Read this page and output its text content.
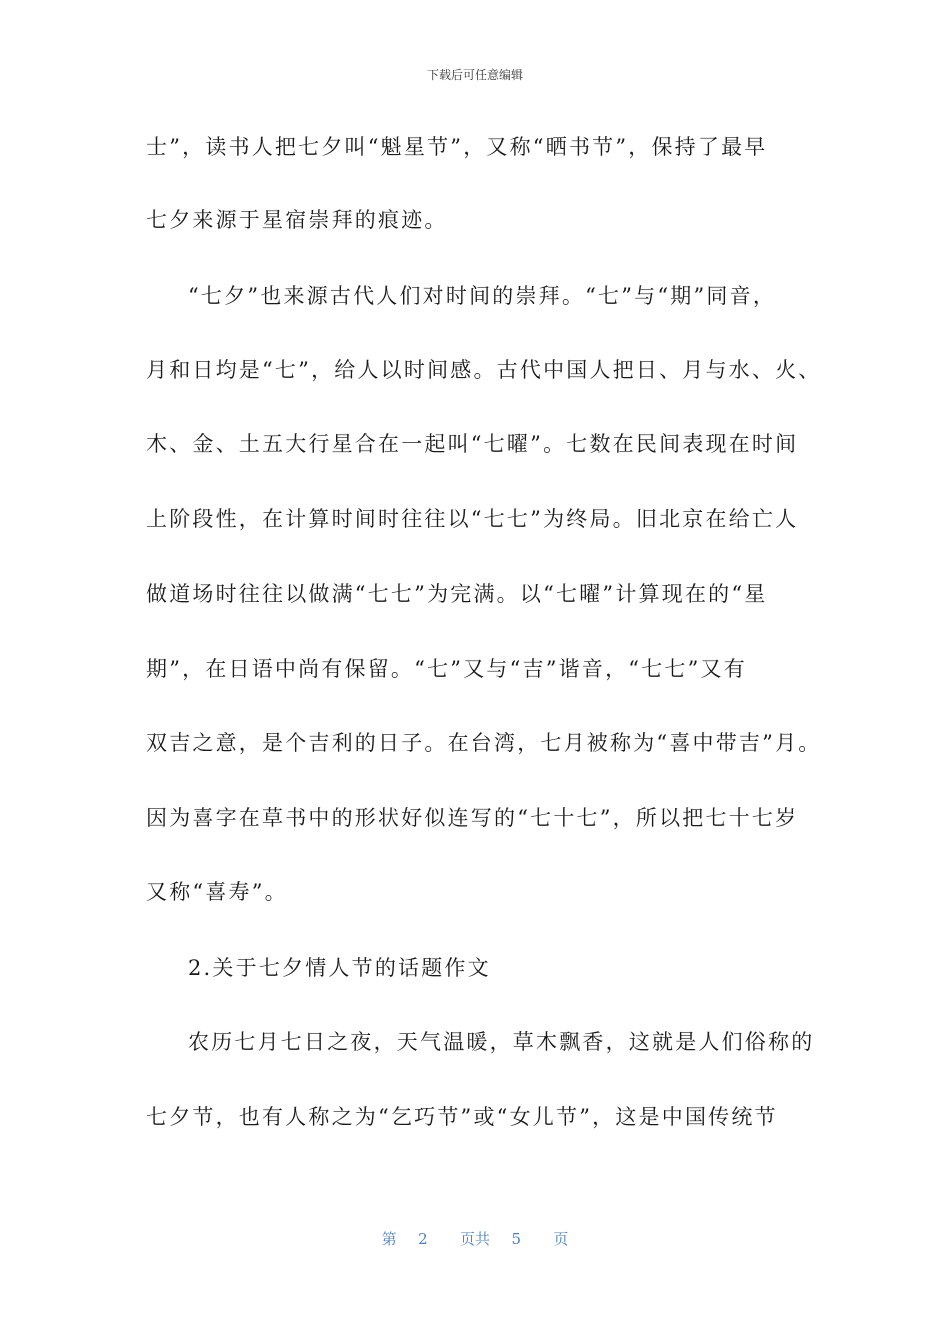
下载后可任意编辑
士”，读书人把七夕叫“魁星节”，又称“晒书节”，保持了最早
七夕来源于星宿崇拜的痕迹。
“七夕”也来源古代人们对时间的崇拜。“七”与“期”同音，
月和日均是“七”，给人以时间感。古代中国人把日、月与水、火、
木、金、土五大行星合在一起叫“七曜”。七数在民间表现在时间
上阶段性，在计算时间时往往以“七七”为终局。旧北京在给亡人
做道场时往往以做满“七七”为完满。以“七曜”计算现在的“星
期”，在日语中尚有保留。“七”又与“吉”谐音，“七七”又有
双吉之意，是个吉利的日子。在台湾，七月被称为“喜中带吉”月。
因为喜字在草书中的形状好似连写的“七十七”，所以把七十七岁
又称“喜寿”。
2.关于七夕情人节的话题作文
农历七月七日之夜，天气温暖，草木飘香，这就是人们俗称的
七夕节，也有人称之为“乞巧节”或“女儿节”，这是中国传统节
第  2   页共  5   页
